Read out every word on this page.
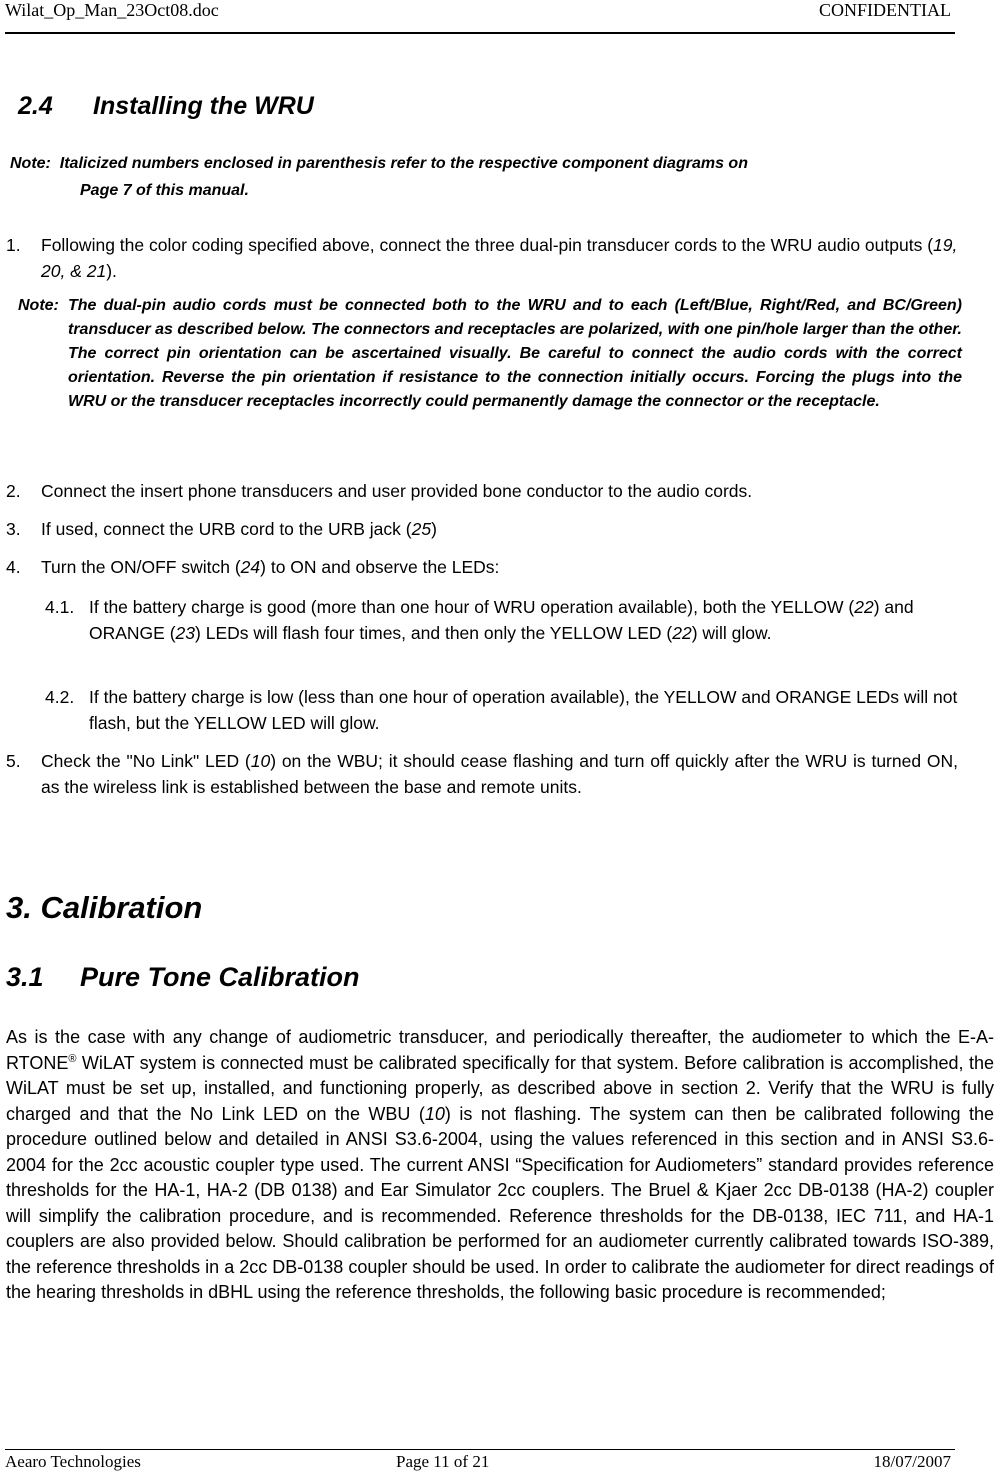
Wilat_Op_Man_23Oct08.doc	CONFIDENTIAL
2.4 Installing the WRU
Note: Italicized numbers enclosed in parenthesis refer to the respective component diagrams on
Page 7 of this manual.
1. Following the color coding specified above, connect the three dual-pin transducer cords to the WRU audio outputs (19, 20, & 21).
Note: The dual-pin audio cords must be connected both to the WRU and to each (Left/Blue, Right/Red, and BC/Green) transducer as described below. The connectors and receptacles are polarized, with one pin/hole larger than the other. The correct pin orientation can be ascertained visually. Be careful to connect the audio cords with the correct orientation. Reverse the pin orientation if resistance to the connection initially occurs. Forcing the plugs into the WRU or the transducer receptacles incorrectly could permanently damage the connector or the receptacle.
2. Connect the insert phone transducers and user provided bone conductor to the audio cords.
3. If used, connect the URB cord to the URB jack (25)
4. Turn the ON/OFF switch (24) to ON and observe the LEDs:
4.1. If the battery charge is good (more than one hour of WRU operation available), both the YELLOW (22) and ORANGE (23) LEDs will flash four times, and then only the YELLOW LED (22) will glow.
4.2. If the battery charge is low (less than one hour of operation available), the YELLOW and ORANGE LEDs will not flash, but the YELLOW LED will glow.
5. Check the "No Link" LED (10) on the WBU; it should cease flashing and turn off quickly after the WRU is turned ON, as the wireless link is established between the base and remote units.
3. Calibration
3.1 Pure Tone Calibration
As is the case with any change of audiometric transducer, and periodically thereafter, the audiometer to which the E-A-RTONE® WiLAT system is connected must be calibrated specifically for that system. Before calibration is accomplished, the WiLAT must be set up, installed, and functioning properly, as described above in section 2. Verify that the WRU is fully charged and that the No Link LED on the WBU (10) is not flashing. The system can then be calibrated following the procedure outlined below and detailed in ANSI S3.6-2004, using the values referenced in this section and in ANSI S3.6-2004 for the 2cc acoustic coupler type used. The current ANSI “Specification for Audiometers” standard provides reference thresholds for the HA-1, HA-2 (DB 0138) and Ear Simulator 2cc couplers. The Bruel & Kjaer 2cc DB-0138 (HA-2) coupler will simplify the calibration procedure, and is recommended. Reference thresholds for the DB-0138, IEC 711, and HA-1 couplers are also provided below. Should calibration be performed for an audiometer currently calibrated towards ISO-389, the reference thresholds in a 2cc DB-0138 coupler should be used. In order to calibrate the audiometer for direct readings of the hearing thresholds in dBHL using the reference thresholds, the following basic procedure is recommended;
Aearo Technologies	Page 11 of 21	18/07/2007
